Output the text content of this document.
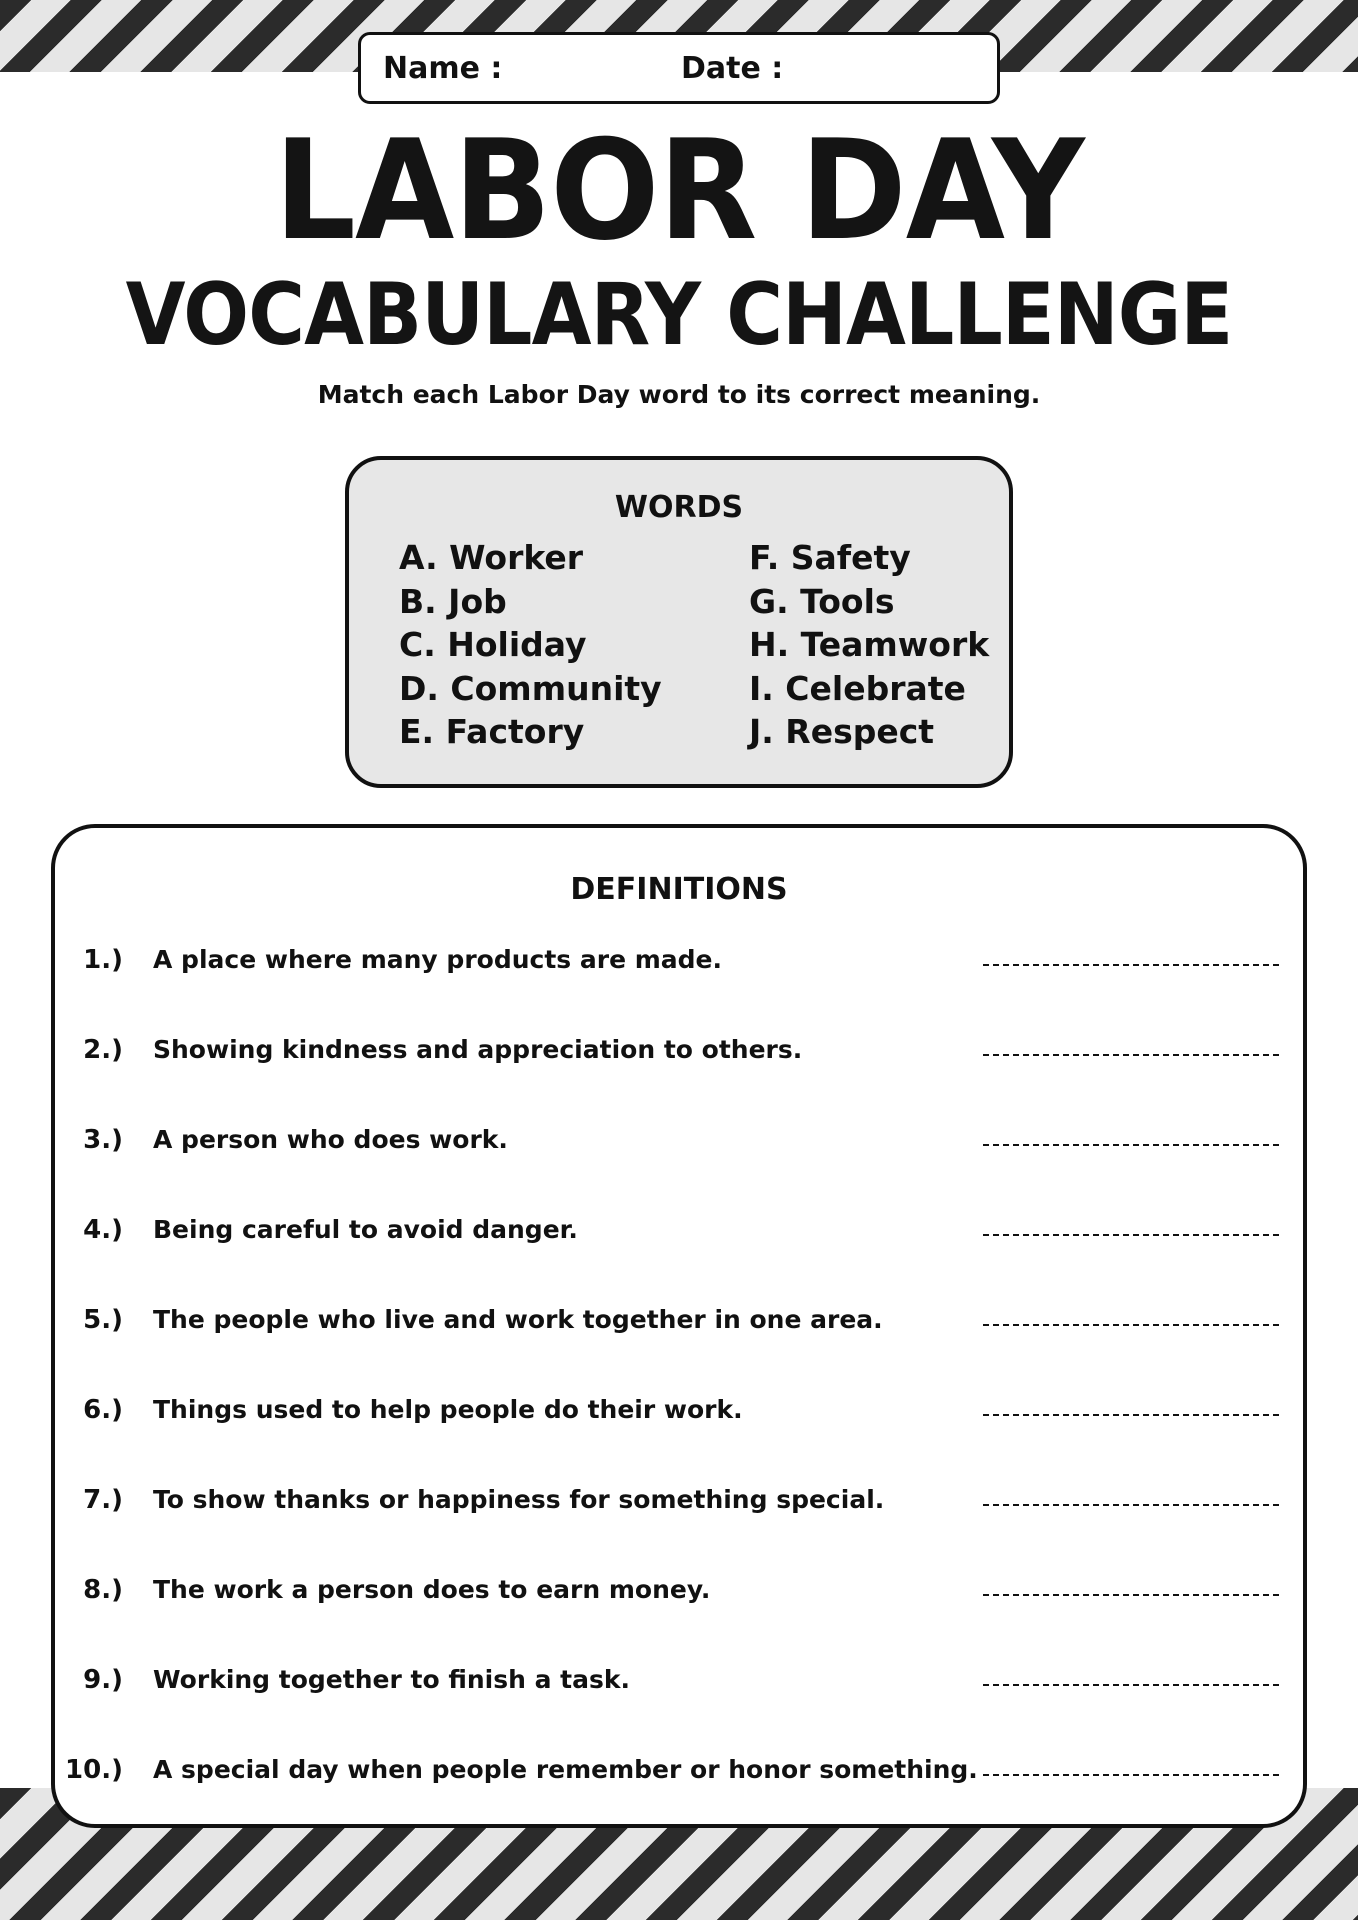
Name :	Date :
LABOR DAY
VOCABULARY CHALLENGE
Match each Labor Day word to its correct meaning.
WORDS
A. Worker
B. Job
C. Holiday
D. Community
E. Factory
F. Safety
G. Tools
H. Teamwork
I. Celebrate
J. Respect
DEFINITIONS
1.) A place where many products are made.
2.) Showing kindness and appreciation to others.
3.) A person who does work.
4.) Being careful to avoid danger.
5.) The people who live and work together in one area.
6.) Things used to help people do their work.
7.) To show thanks or happiness for something special.
8.) The work a person does to earn money.
9.) Working together to finish a task.
10.) A special day when people remember or honor something.
